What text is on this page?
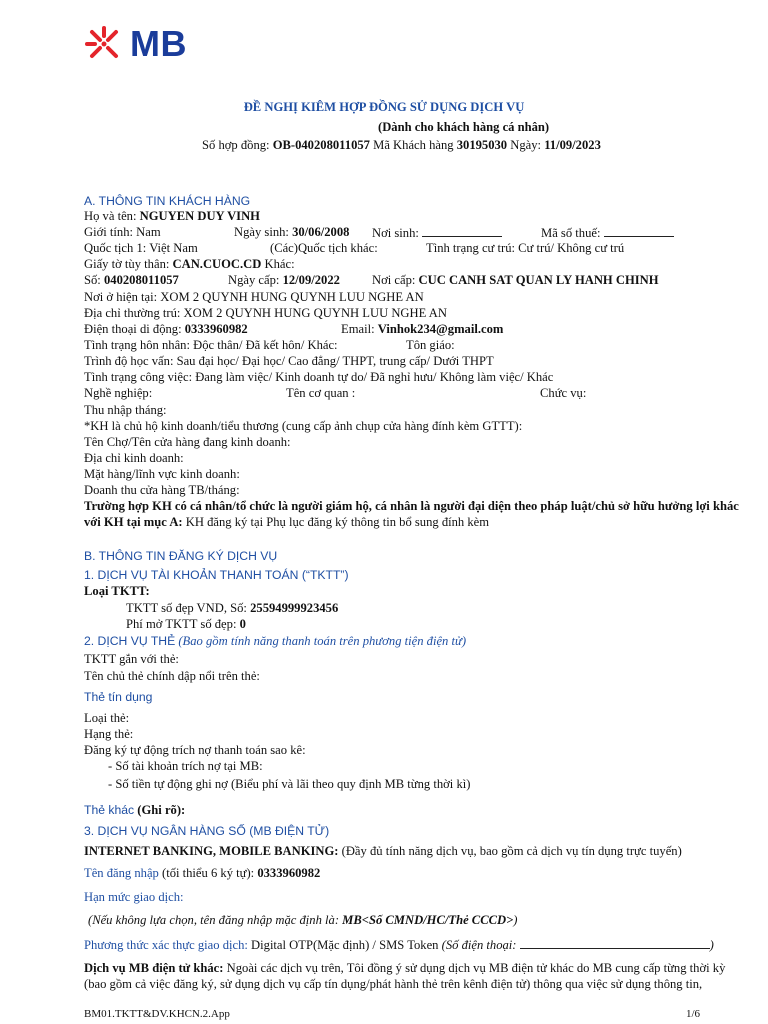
MB
ĐỀ NGHỊ KIÊM HỢP ĐỒNG SỬ DỤNG DỊCH VỤ
(Dành cho khách hàng cá nhân)
Số hợp đồng: OB-040208011057 Mã Khách hàng 30195030 Ngày: 11/09/2023
A. THÔNG TIN KHÁCH HÀNG
Họ và tên: NGUYEN DUY VINH
Giới tính: Nam	Ngày sinh: 30/06/2008 Nơi sinh:	Mã số thuế:
Quốc tịch 1: Việt Nam	(Các)Quốc tịch khác:	Tình trạng cư trú: Cư trú/ Không cư trú
Giấy tờ tùy thân: CAN.CUOC.CD Khác:
Số: 040208011057	Ngày cấp: 12/09/2022	Nơi cấp: CUC CANH SAT QUAN LY HANH CHINH
Nơi ở hiện tại: XOM 2 QUYNH HUNG QUYNH LUU NGHE AN
Địa chỉ thường trú: XOM 2 QUYNH HUNG QUYNH LUU NGHE AN
Điện thoại di động: 0333960982	Email: Vinhok234@gmail.com
Tình trạng hôn nhân: Độc thân/ Đã kết hôn/ Khác:	Tôn giáo:
Trình độ học vấn: Sau đại học/ Đại học/ Cao đẳng/ THPT, trung cấp/ Dưới THPT
Tình trạng công việc: Đang làm việc/ Kinh doanh tự do/ Đã nghỉ hưu/ Không làm việc/ Khác
Nghề nghiệp:	Tên cơ quan :	Chức vụ:
Thu nhập tháng:
*KH là chủ hộ kinh doanh/tiểu thương (cung cấp ảnh chụp cửa hàng đính kèm GTTT):
Tên Chợ/Tên cửa hàng đang kinh doanh:
Địa chỉ kinh doanh:
Mặt hàng/lĩnh vực kinh doanh:
Doanh thu cửa hàng TB/tháng:
Trường hợp KH có cá nhân/tổ chức là người giám hộ, cá nhân là người đại diện theo pháp luật/chủ sở hữu hưởng lợi khác
với KH tại mục A: KH đăng ký tại Phụ lục đăng ký thông tin bổ sung đính kèm
B. THÔNG TIN ĐĂNG KÝ DỊCH VỤ
1. DỊCH VỤ TÀI KHOẢN THANH TOÁN (“TKTT”)
Loại TKTT:
TKTT số đẹp VND, Số: 25594999923456
Phí mở TKTT số đẹp: 0
2. DỊCH VỤ THẺ (Bao gồm tính năng thanh toán trên phương tiện điện tử)
TKTT gắn với thẻ:
Tên chủ thẻ chính dập nổi trên thẻ:
Thẻ tín dụng
Loại thẻ:
Hạng thẻ:
Đăng ký tự động trích nợ thanh toán sao kê:
- Số tài khoản trích nợ tại MB:
- Số tiền tự động ghi nợ (Biểu phí và lãi theo quy định MB từng thời kì)
Thẻ khác (Ghi rõ):
3. DỊCH VỤ NGÂN HÀNG SỐ (MB ĐIỆN TỬ)
INTERNET BANKING, MOBILE BANKING: (Đầy đủ tính năng dịch vụ, bao gồm cả dịch vụ tín dụng trực tuyến)
Tên đăng nhập (tối thiểu 6 ký tự): 0333960982
Hạn mức giao dịch:
(Nếu không lựa chọn, tên đăng nhập mặc định là: MB<Số CMND/HC/Thẻ CCCD>)
Phương thức xác thực giao dịch: Digital OTP(Mặc định) / SMS Token (Số điện thoại:	)
Dịch vụ MB điện tử khác: Ngoài các dịch vụ trên, Tôi đồng ý sử dụng dịch vụ MB điện tử khác do MB cung cấp từng thời kỳ
(bao gồm cả việc đăng ký, sử dụng dịch vụ cấp tín dụng/phát hành thẻ trên kênh điện tử) thông qua việc sử dụng thông tin,
BM01.TKTT&DV.KHCN.2.App	1/6
